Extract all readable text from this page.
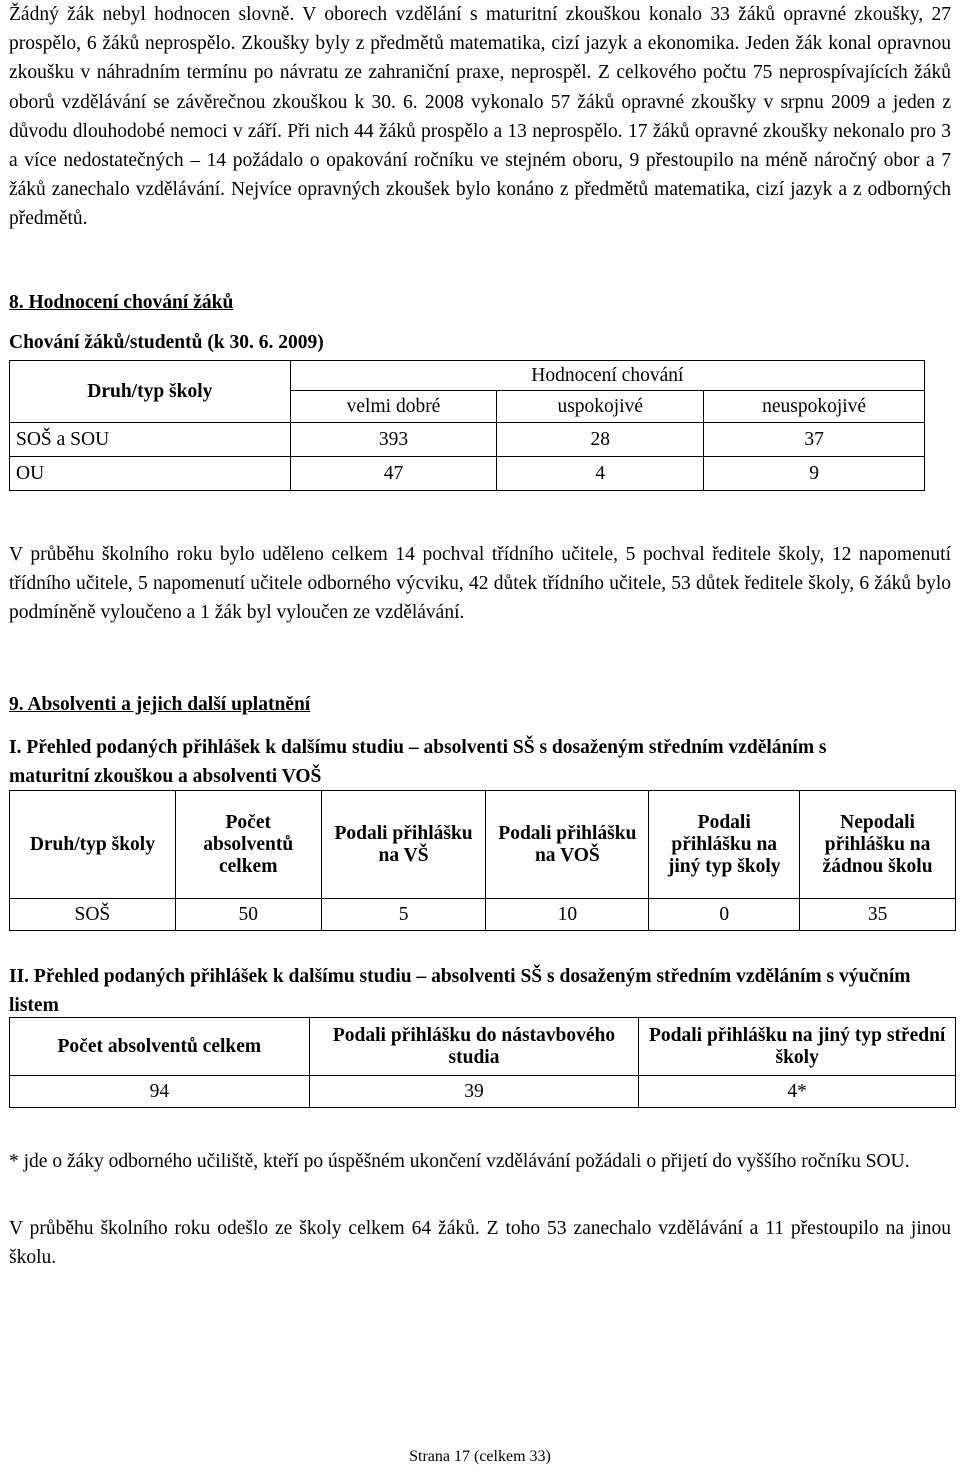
Žádný žák nebyl hodnocen slovně. V oborech vzdělání s maturitní zkouškou konalo 33 žáků opravné zkoušky, 27 prospělo, 6 žáků neprospělo. Zkoušky byly z předmětů matematika, cizí jazyk a ekonomika. Jeden žák konal opravnou zkoušku v náhradním termínu po návratu ze zahraniční praxe, neprospěl. Z celkového počtu 75 neprospívajících žáků oborů vzdělávání se závěrečnou zkouškou k 30. 6. 2008 vykonalo 57 žáků opravné zkoušky v srpnu 2009 a jeden z důvodu dlouhodobé nemoci v září. Při nich 44 žáků prospělo a 13 neprospělo. 17 žáků opravné zkoušky nekonalo pro 3 a více nedostatečných – 14 požádalo o opakování ročníku ve stejném oboru, 9 přestoupilo na méně náročný obor a 7 žáků zanechalo vzdělávání. Nejvíce opravných zkoušek bylo konáno z předmětů matematika, cizí jazyk a z odborných předmětů.

8. Hodnocení chování žáků
Chování žáků/studentů (k 30. 6. 2009)
Druh/typ školy	Hodnocení chování		
	velmi dobré	uspokojivé	neuspokojivé
SOŠ a SOU	393	28	37
OU	47	4	9

V průběhu školního roku bylo uděleno celkem 14 pochval třídního učitele, 5 pochval ředitele školy, 12 napomenutí třídního učitele, 5 napomenutí učitele odborného výcviku, 42 důtek třídního učitele, 53 důtek ředitele školy, 6 žáků bylo podmíněně vyloučeno a 1 žák byl vyloučen ze vzdělávání.

9. Absolventi a jejich další uplatnění
I. Přehled podaných přihlášek k dalšímu studiu – absolventi SŠ s dosaženým středním vzděláním s maturitní zkouškou a absolventi VOŠ
Druh/typ školy	Počet absolventů celkem	Podali přihlášku na VŠ	Podali přihlášku na VOŠ	Podali přihlášku na jiný typ školy	Nepodali přihlášku na žádnou školu
SOŠ	50	5	10	0	35
II. Přehled podaných přihlášek k dalšímu studiu – absolventi SŠ s dosaženým středním vzděláním s výučním listem
Počet absolventů celkem	Podali přihlášku do nástavbového studia	Podali přihlášku na jiný typ střední školy
94	39	4*

* jde o žáky odborného učiliště, kteří po úspěšném ukončení vzdělávání požádali o přijetí do vyššího ročníku SOU.

V průběhu školního roku odešlo ze školy celkem 64 žáků. Z toho 53 zanechalo vzdělávání a 11 přestoupilo na jinou školu.

Strana 17 (celkem 33)
